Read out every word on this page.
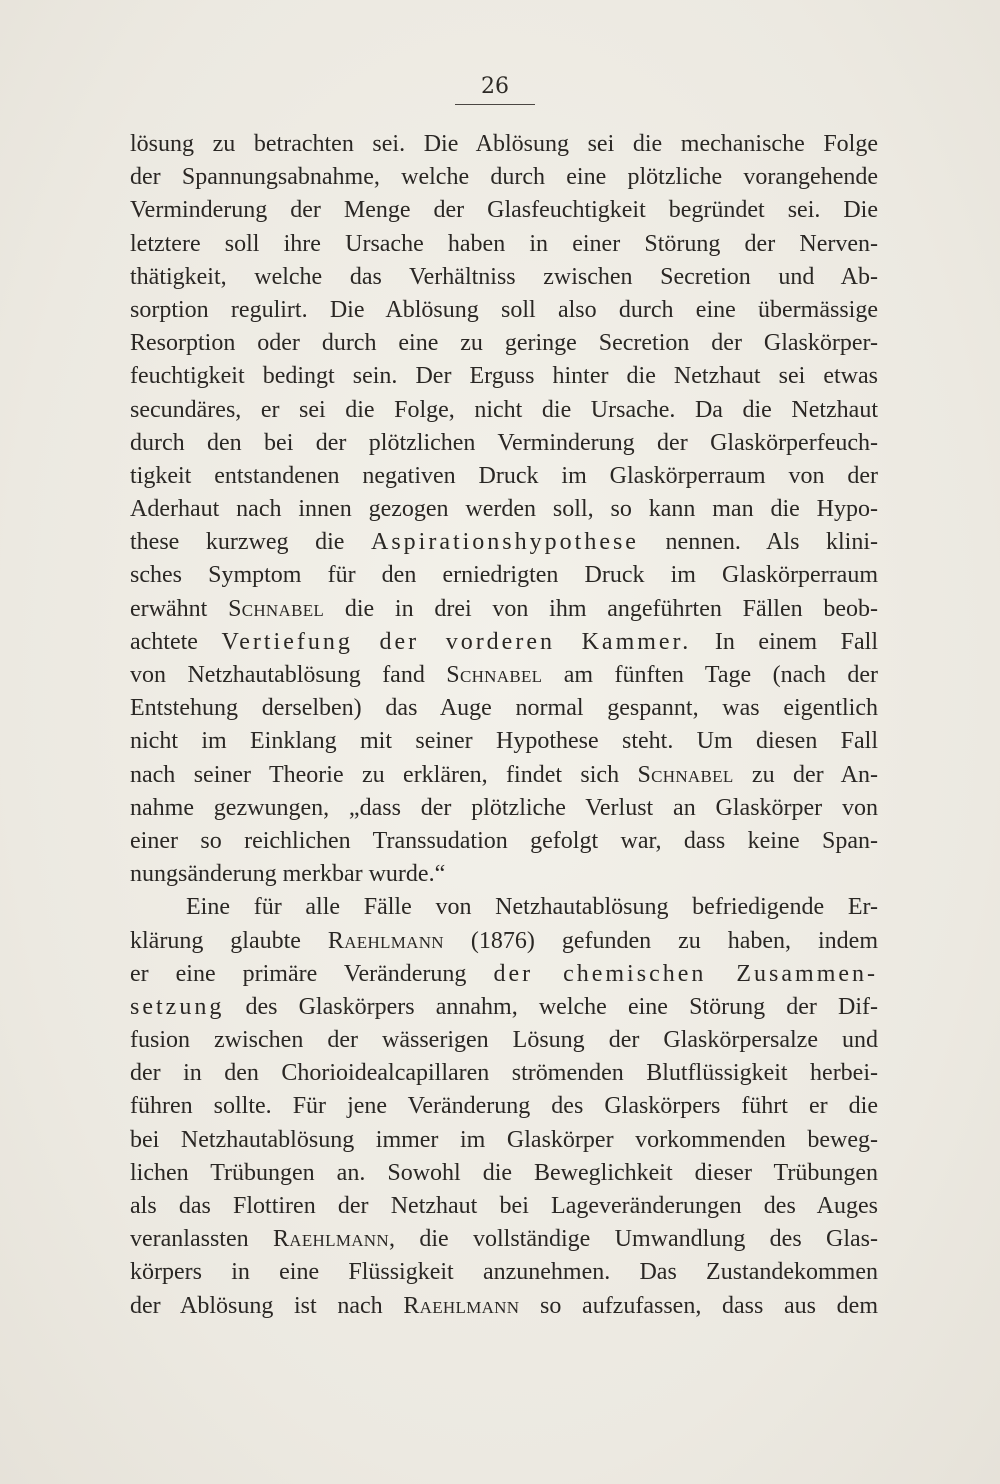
26
lösung zu betrachten sei. Die Ablösung sei die mechanische Folge
der Spannungsabnahme, welche durch eine plötzliche vorangehende
Verminderung der Menge der Glasfeuchtigkeit begründet sei. Die
letztere soll ihre Ursache haben in einer Störung der Nerven-
thätigkeit, welche das Verhältniss zwischen Secretion und Ab-
sorption regulirt. Die Ablösung soll also durch eine übermässige
Resorption oder durch eine zu geringe Secretion der Glaskörper-
feuchtigkeit bedingt sein. Der Erguss hinter die Netzhaut sei etwas
secundäres, er sei die Folge, nicht die Ursache. Da die Netzhaut
durch den bei der plötzlichen Verminderung der Glaskörperfeuch-
tigkeit entstandenen negativen Druck im Glaskörperraum von der
Aderhaut nach innen gezogen werden soll, so kann man die Hypo-
these kurzweg die Aspirationshypothese nennen. Als klini-
sches Symptom für den erniedrigten Druck im Glaskörperraum
erwähnt Schnabel die in drei von ihm angeführten Fällen beob-
achtete Vertiefung der vorderen Kammer. In einem Fall
von Netzhautablösung fand Schnabel am fünften Tage (nach der
Entstehung derselben) das Auge normal gespannt, was eigentlich
nicht im Einklang mit seiner Hypothese steht. Um diesen Fall
nach seiner Theorie zu erklären, findet sich Schnabel zu der An-
nahme gezwungen, „dass der plötzliche Verlust an Glaskörper von
einer so reichlichen Transsudation gefolgt war, dass keine Span-
nungsänderung merkbar wurde.“
Eine für alle Fälle von Netzhautablösung befriedigende Er-
klärung glaubte Raehlmann (1876) gefunden zu haben, indem
er eine primäre Veränderung der chemischen Zusammen-
setzung des Glaskörpers annahm, welche eine Störung der Dif-
fusion zwischen der wässerigen Lösung der Glaskörpersalze und
der in den Chorioidealcapillaren strömenden Blutflüssigkeit herbei-
führen sollte. Für jene Veränderung des Glaskörpers führt er die
bei Netzhautablösung immer im Glaskörper vorkommenden beweg-
lichen Trübungen an. Sowohl die Beweglichkeit dieser Trübungen
als das Flottiren der Netzhaut bei Lageveränderungen des Auges
veranlassten Raehlmann, die vollständige Umwandlung des Glas-
körpers in eine Flüssigkeit anzunehmen. Das Zustandekommen
der Ablösung ist nach Raehlmann so aufzufassen, dass aus dem
